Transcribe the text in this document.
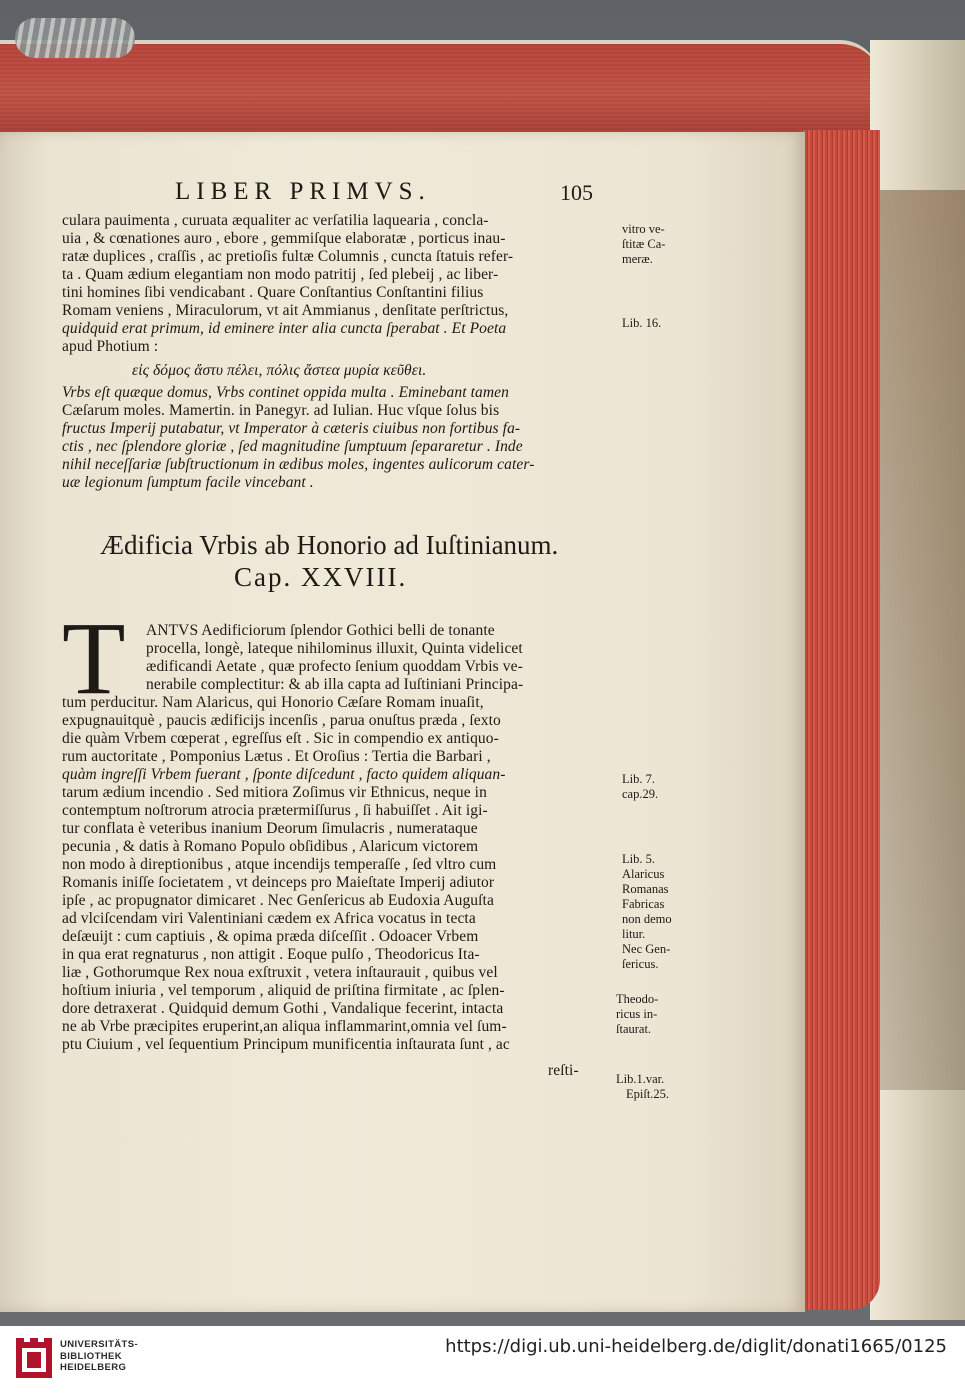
LIBER PRIMVS.	105
culara pauimenta , curuata æqualiter ac verſatilia laquearia , concla-
uia , & cœnationes auro , ebore , gemmiſque elaboratæ , porticus inau-
ratæ duplices , craſſis , ac pretioſis fultæ Columnis , cuncta ſtatuis refer-
ta . Quam ædium elegantiam non modo patritij , ſed plebeij , ac liber-
tini homines ſibi vendicabant . Quare Conſtantius Conſtantini filius
Romam veniens , Miraculorum, vt ait Ammianus , denſitate perſtrictus,
quidquid erat primum, id eminere inter alia cuncta ſperabat . Et Poeta
apud Photium :
εἰς δόμος ἄστυ πέλει, πόλις ἄστεα μυρία κεῦθει.
Vrbs eſt quæque domus, Vrbs continet oppida multa . Eminebant tamen
Cæſarum moles. Mamertin. in Panegyr. ad Iulian. Huc vſque ſolus bis
fructus Imperij putabatur, vt Imperator à cæteris ciuibus non fortibus fa-
ctis , nec ſplendore gloriæ , ſed magnitudine ſumptuum ſepararetur . Inde
nihil neceſſariæ ſubſtructionum in ædibus moles, ingentes aulicorum cater-
uæ legionum ſumptum facile vincebant .
Ædificia Vrbis ab Honorio ad Iuſtinianum.
Cap. XXVIII.
T ANTVS Aedificiorum ſplendor Gothici belli de tonante
procella, longè, lateque nihilominus illuxit, Quinta videlicet
ædificandi Aetate , quæ profecto ſenium quoddam Vrbis ve-
nerabile complectitur: & ab illa capta ad Iuſtiniani Principa-
tum perducitur. Nam Alaricus, qui Honorio Cæſare Romam inuaſit,
expugnauitquè , paucis ædificijs incenſis , parua onuſtus præda , ſexto
die quàm Vrbem cœperat , egreſſus eſt . Sic in compendio ex antiquo-
rum auctoritate , Pomponius Lætus . Et Oroſius : Tertia die Barbari ,
quàm ingreſſi Vrbem fuerant , ſponte diſcedunt , facto quidem aliquan-
tarum ædium incendio . Sed mitiora Zoſimus vir Ethnicus, neque in
contemptum noſtrorum atrocia prætermiſſurus , ſi habuiſſet . Ait igi-
tur conflata è veteribus inanium Deorum ſimulacris , numerataque
pecunia , & datis à Romano Populo obſidibus , Alaricum victorem
non modo à direptionibus , atque incendijs temperaſſe , ſed vltro cum
Romanis iniſſe ſocietatem , vt deinceps pro Maieſtate Imperij adiutor
ipſe , ac propugnator dimicaret . Nec Genſericus ab Eudoxia Auguſta
ad vlciſcendam viri Valentiniani cædem ex Africa vocatus in tecta
deſæuijt : cum captiuis , & opima præda diſceſſit . Odoacer Vrbem
in qua erat regnaturus , non attigit . Eoque pulſo , Theodoricus Ita-
liæ , Gothorumque Rex noua exſtruxit , vetera inſtaurauit , quibus vel
hoſtium iniuria , vel temporum , aliquid de priſtina firmitate , ac ſplen-
dore detraxerat . Quidquid demum Gothi , Vandalique fecerint, intacta
ne ab Vrbe præcipites eruperint,an aliqua inflammarint,omnia vel ſum-
ptu Ciuium , vel ſequentium Principum munificentia inſtaurata ſunt , ac
reſti-
vitro ve-
ſtitæ Ca-
meræ.
Lib. 16.
Lib. 7.
cap.29.
Lib. 5.
Alaricus
Romanas
Fabricas
non demo
litur.
Nec Gen-
ſericus.
Theodo-
ricus in-
ſtaurat.
Lib.1.var.
Epiſt.25.
UNIVERSITÄTS-
BIBLIOTHEK
HEIDELBERG
https://digi.ub.uni-heidelberg.de/diglit/donati1665/0125
